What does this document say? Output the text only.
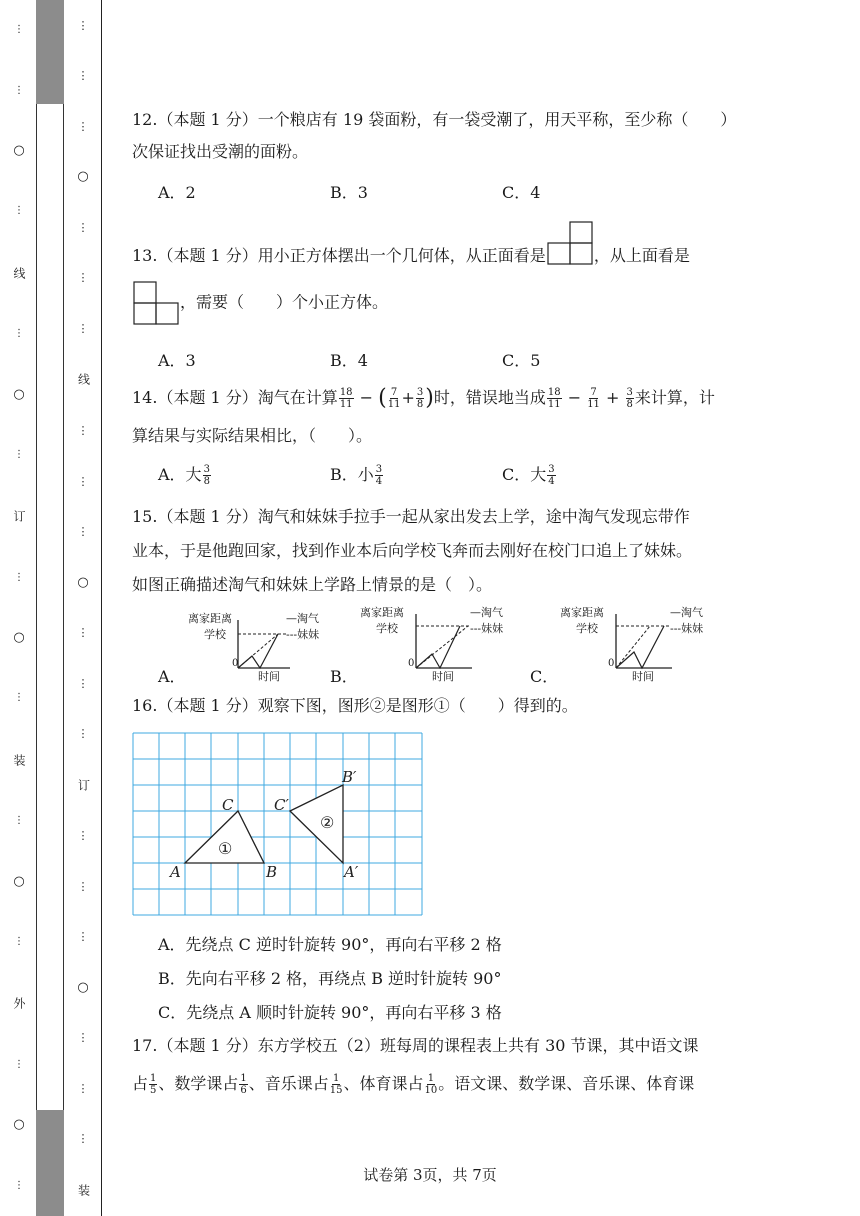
⋮
⋮
○
⋮
线
⋮
○
⋮
订
⋮
○
⋮
装
⋮
○
⋮
外
⋮
○
⋮
⋮
⋮
⋮
○
⋮
⋮
⋮
线
⋮
⋮
⋮
○
⋮
⋮
⋮
订
⋮
⋮
⋮
○
⋮
⋮
⋮
装
12.（本题 1 分）一个粮店有 19 袋面粉，有一袋受潮了，用天平称，至少称（　　）
次保证找出受潮的面粉。
A．2	B．3	C．4
13.（本题 1 分）用小正方体摆出一个几何体，从正面看是	，从上面看是
，需要（　　）个小正方体。
A．3	B．4	C．5
14.（本题 1 分）淘气在计算 $\frac{18}{11}$ − ( $\frac{7}{11} + \frac{3}{8}$ )时，错误地当成 $\frac{18}{11} - \frac{7}{11} + \frac{3}{8}$ 来计算，计
算结果与实际结果相比，（　　）。
A．大 $\frac{3}{8}$	B．小 $\frac{3}{4}$	C．大 $\frac{3}{4}$
15.（本题 1 分）淘气和妹妹手拉手一起从家出发去上学，途中淘气发现忘带作
业本，于是他跑回家，找到作业本后向学校飞奔而去刚好在校门口追上了妹妹。
如图正确描述淘气和妹妹上学路上情景的是（　）。
A．
离家距离
学校
—淘气
---妹妹
0
时间	B．
离家距离
学校
—淘气
---妹妹
0
时间	C．
离家距离
学校
—淘气
---妹妹
0
时间
16.（本题 1 分）观察下图，图形②是图形①（　　）得到的。
C
A	B
①
C′
B′
A′
②
A．先绕点 C 逆时针旋转 90°，再向右平移 2 格
B．先向右平移 2 格，再绕点 B 逆时针旋转 90°
C．先绕点 A 顺时针旋转 90°，再向右平移 3 格
17.（本题 1 分）东方学校五（2）班每周的课程表上共有 30 节课，其中语文课
占 $\frac{1}{5}$ 、数学课占 $\frac{1}{6}$ 、音乐课占 $\frac{1}{15}$ 、体育课占 $\frac{1}{10}$ 。语文课、数学课、音乐课、体育课
试卷第 3页，共 7页
